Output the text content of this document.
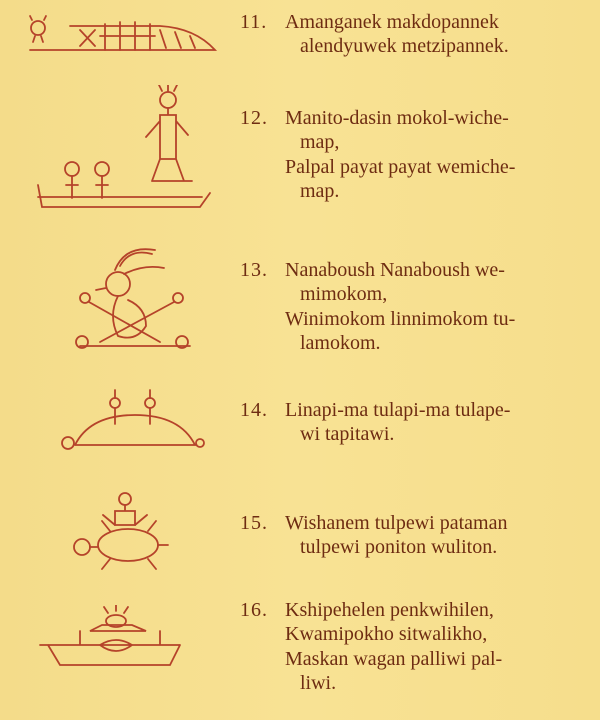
11. Amanganek makdopannek
alendyuwek metzipannek.
12. Manito-dasin mokol-wiche-
map,
Palpal payat payat wemiche-
map.
13. Nanaboush Nanaboush we-
mimokom,
Winimokom linnimokom tu-
lamokom.
14. Linapi-ma tulapi-ma tulape-
wi tapitawi.
15. Wishanem tulpewi pataman
tulpewi poniton wuliton.
16. Kshipehelen penkwihilen,
Kwamipokho sitwalikho,
Maskan wagan palliwi pal-
liwi.
